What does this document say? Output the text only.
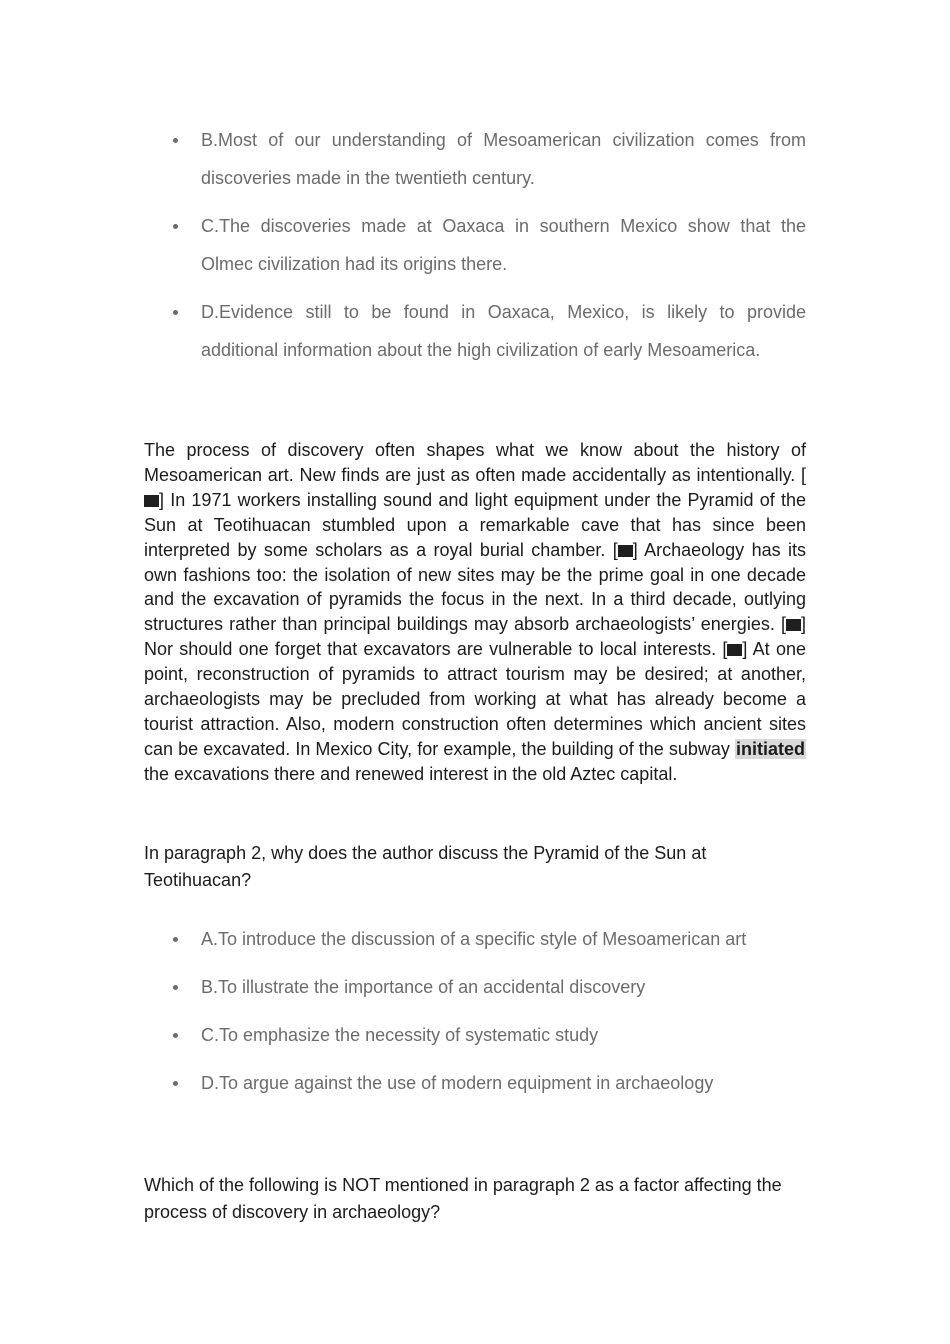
B.Most of our understanding of Mesoamerican civilization comes from discoveries made in the twentieth century.
C.The discoveries made at Oaxaca in southern Mexico show that the Olmec civilization had its origins there.
D.Evidence still to be found in Oaxaca, Mexico, is likely to provide additional information about the high civilization of early Mesoamerica.

The process of discovery often shapes what we know about the history of Mesoamerican art. New finds are just as often made accidentally as intentionally. [] In 1971 workers installing sound and light equipment under the Pyramid of the Sun at Teotihuacan stumbled upon a remarkable cave that has since been interpreted by some scholars as a royal burial chamber. [ ] Archaeology has its own fashions too: the isolation of new sites may be the prime goal in one decade and the excavation of pyramids the focus in the next. In a third decade, outlying structures rather than principal buildings may absorb archaeologists’ energies. [ ] Nor should one forget that excavators are vulnerable to local interests. [ ] At one point, reconstruction of pyramids to attract tourism may be desired; at another, archaeologists may be precluded from working at what has already become a tourist attraction. Also, modern construction often determines which ancient sites can be excavated. In Mexico City, for example, the building of the subway initiated the excavations there and renewed interest in the old Aztec capital.

In paragraph 2, why does the author discuss the Pyramid of the Sun at Teotihuacan?

A.To introduce the discussion of a specific style of Mesoamerican art
B.To illustrate the importance of an accidental discovery
C.To emphasize the necessity of systematic study
D.To argue against the use of modern equipment in archaeology

Which of the following is NOT mentioned in paragraph 2 as a factor affecting the process of discovery in archaeology?
